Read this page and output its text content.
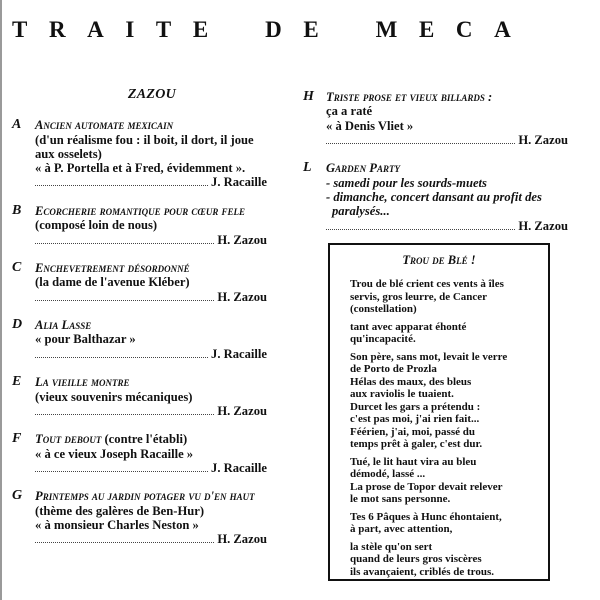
TRAITE DE MECA
ZAZOU
A	Ancien automate mexicain
(d'un réalisme fou : il boit, il dort, il joue
aux osselets)
« à P. Portella et à Fred, évidemment ».
J. Racaille
B	Ecorcherie romantique pour cœur fele
(composé loin de nous)
H. Zazou
C	Enchevetrement désordonné
(la dame de l'avenue Kléber)
H. Zazou
D	Alia Lasse
« pour Balthazar »
J. Racaille
E	La vieille montre
(vieux souvenirs mécaniques)
H. Zazou
F	Tout debout (contre l'établi)
« à ce vieux Joseph Racaille »
J. Racaille
G	Printemps au jardin potager vu d'en haut
(thème des galères de Ben-Hur)
« à monsieur Charles Neston »
H. Zazou
H Triste prose et vieux billards :
ça a raté
« à Denis Vliet »
H. Zazou
L	Garden Party
- samedi pour les sourds-muets
- dimanche, concert dansant au profit des
paralysés...
H. Zazou
Trou de Blé !
Trou de blé crient ces vents à îles
servis, gros leurre, de Cancer
(constellation)
tant avec apparat éhonté
qu'incapacité.
Son père, sans mot, levait le verre
de Porto de Prozla
Hélas des maux, des bleus
aux raviolis le tuaient.
Durcet les gars a prétendu :
c'est pas moi, j'ai rien fait...
Féérien, j'ai, moi, passé du
temps prêt à galer, c'est dur.
Tué, le lit haut vira au bleu
démodé, lassé ...
La prose de Topor devait relever
le mot sans personne.
Tes 6 Pâques à Hunc éhontaient,
à part, avec attention,
la stèle qu'on sert
quand de leurs gros viscères
ils avançaient, criblés de trous.
